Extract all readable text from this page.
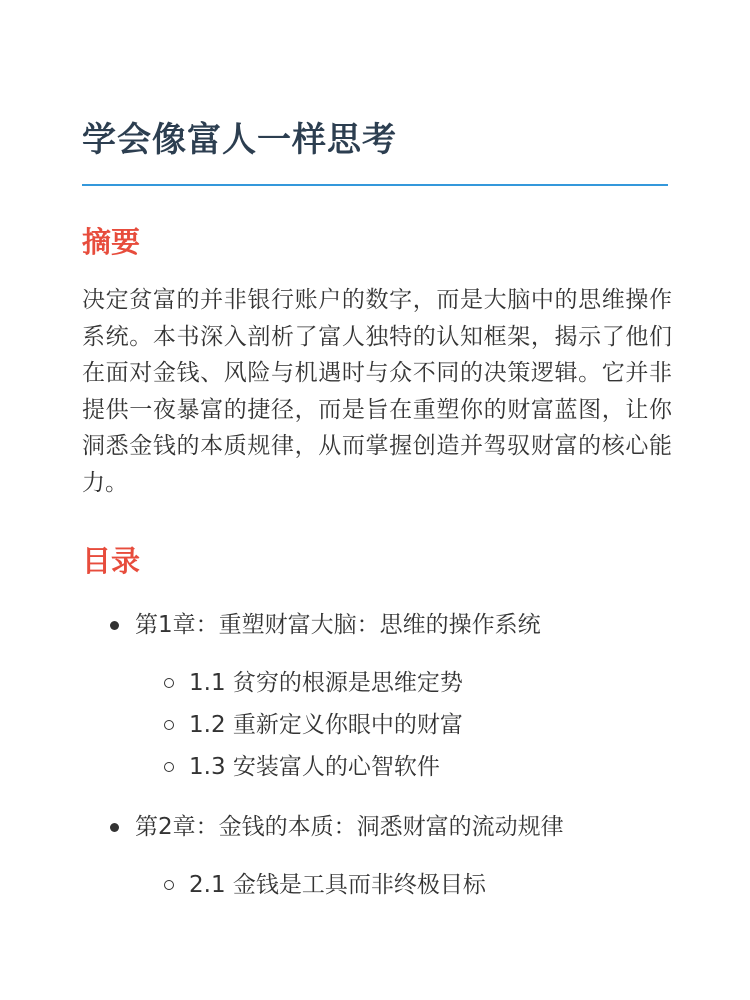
学会像富人一样思考
摘要

决定贫富的并非银行账户的数字，而是大脑中的思维操作系统。本书深入剖析了富人独特的认知框架，揭示了他们在面对金钱、风险与机遇时与众不同的决策逻辑。它并非提供一夜暴富的捷径，而是旨在重塑你的财富蓝图，让你洞悉金钱的本质规律，从而掌握创造并驾驭财富的核心能力。

目录
第1章：重塑财富大脑：思维的操作系统
1.1 贫穷的根源是思维定势
1.2 重新定义你眼中的财富
1.3 安装富人的心智软件
第2章：金钱的本质：洞悉财富的流动规律
2.1 金钱是工具而非终极目标
